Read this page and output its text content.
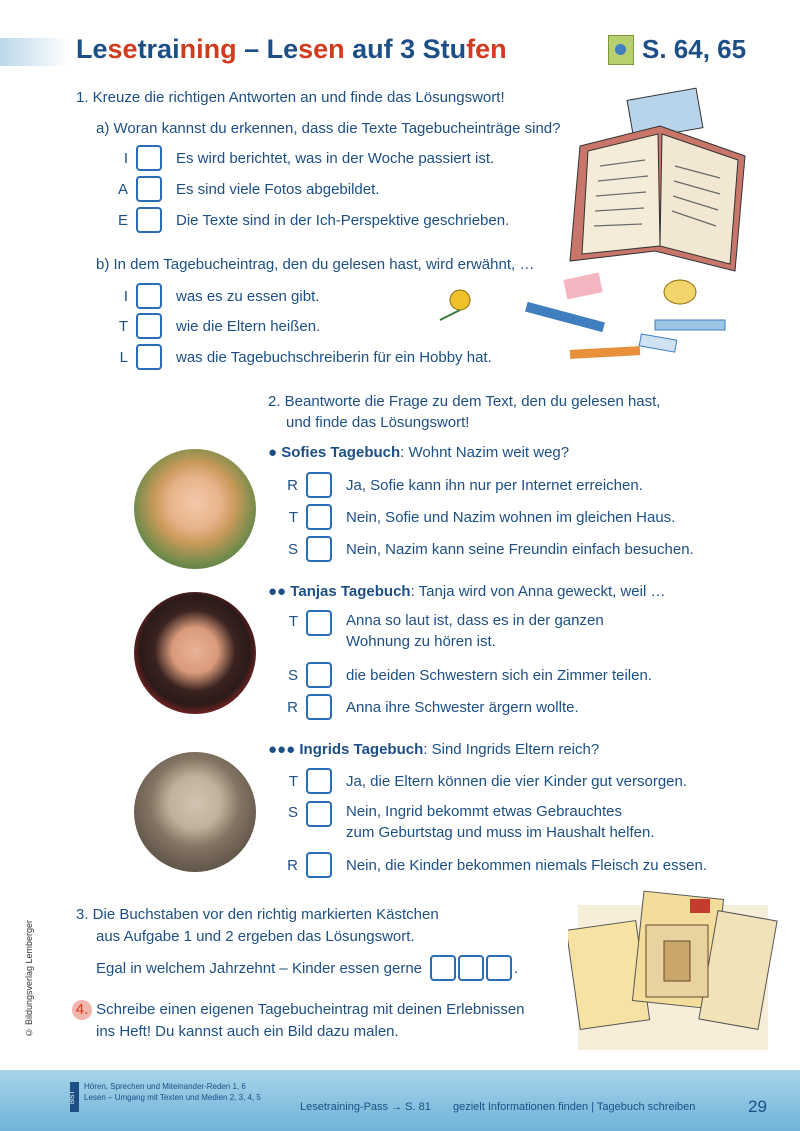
Lesetraining – Lesen auf 3 Stufen	S. 64, 65
1. Kreuze die richtigen Antworten an und finde das Lösungswort!
a) Woran kannst du erkennen, dass die Texte Tagebucheinträge sind?
I	Es wird berichtet, was in der Woche passiert ist.
A	Es sind viele Fotos abgebildet.
E	Die Texte sind in der Ich-Perspektive geschrieben.
b) In dem Tagebucheintrag, den du gelesen hast, wird erwähnt, …
I	was es zu essen gibt.
T	wie die Eltern heißen.
L	was die Tagebuchschreiberin für ein Hobby hat.
2. Beantworte die Frage zu dem Text, den du gelesen hast,
und finde das Lösungswort!
● Sofies Tagebuch: Wohnt Nazim weit weg?
R	Ja, Sofie kann ihn nur per Internet erreichen.
T	Nein, Sofie und Nazim wohnen im gleichen Haus.
S	Nein, Nazim kann seine Freundin einfach besuchen.
●● Tanjas Tagebuch: Tanja wird von Anna geweckt, weil …
T	Anna so laut ist, dass es in der ganzen
Wohnung zu hören ist.
S	die beiden Schwestern sich ein Zimmer teilen.
R	Anna ihre Schwester ärgern wollte.
●●● Ingrids Tagebuch: Sind Ingrids Eltern reich?
T	Ja, die Eltern können die vier Kinder gut versorgen.
S	Nein, Ingrid bekommt etwas Gebrauchtes
zum Geburtstag und muss im Haushalt helfen.
R	Nein, die Kinder bekommen niemals Fleisch zu essen.
3. Die Buchstaben vor den richtig markierten Kästchen
aus Aufgabe 1 und 2 ergeben das Lösungswort.
Egal in welchem Jahrzehnt – Kinder essen gerne	.
4. Schreibe einen eigenen Tagebucheintrag mit deinen Erlebnissen
ins Heft! Du kannst auch ein Bild dazu malen.
© Bildungsverlag Lemberger
BIST
Hören, Sprechen und Miteinander-Reden 1, 6
Lesen – Umgang mit Texten und Medien 2, 3, 4, 5
Lesetraining-Pass → S. 81 gezielt Informationen finden | Tagebuch schreiben	29
